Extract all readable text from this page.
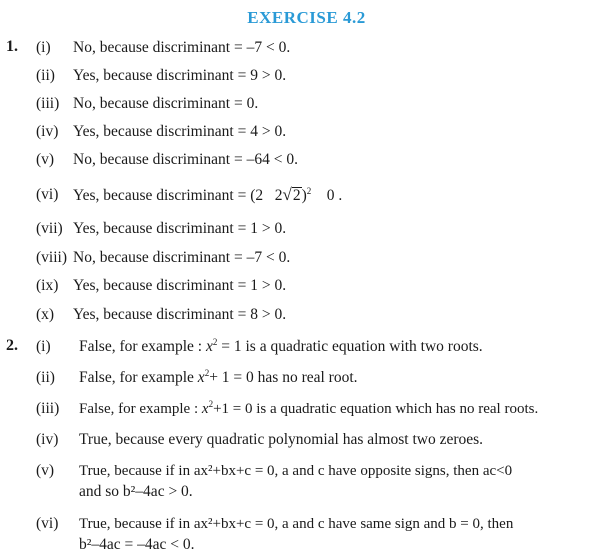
EXERCISE 4.2
1. (i) No, because discriminant = –7 < 0.
(ii) Yes, because discriminant = 9 > 0.
(iii) No, because discriminant = 0.
(iv) Yes, because discriminant = 4 > 0.
(v) No, because discriminant = –64 < 0.
(vi) Yes, because discriminant = (2 2√2)$^2$ 0 .
(vii) Yes, because discriminant = 1 > 0.
(viii) No, because discriminant = –7 < 0.
(ix) Yes, because discriminant = 1 > 0.
(x) Yes, because discriminant = 8 > 0.
2. (i) False, for example : $x^2 = 1$ is a quadratic equation with two roots.
(ii) False, for example $x^2+ 1 = 0$ has no real root.
(iii) False, for example : $x^2+1 = 0$ is a quadratic equation which has no real roots.
(iv) True, because every quadratic polynomial has almost two zeroes.
(v) True, because if in ax²+bx+c = 0, a and c have opposite signs, then ac<0
and so b²–4ac > 0.
(vi) True, because if in ax²+bx+c = 0, a and c have same sign and b = 0, then
b²–4ac = –4ac < 0.
